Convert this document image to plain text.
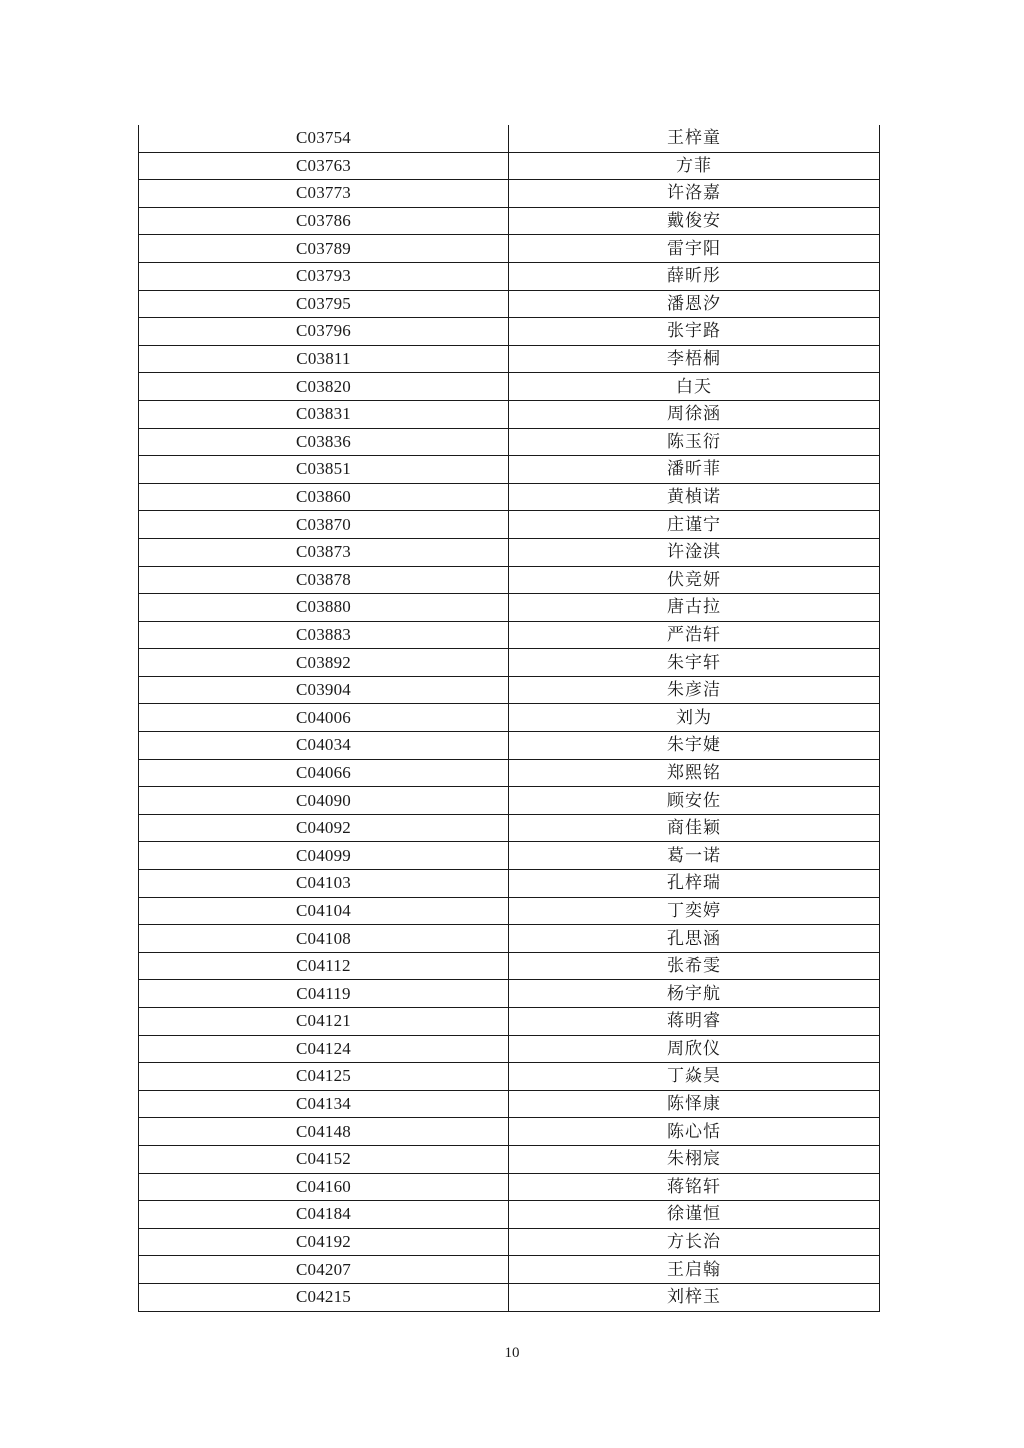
C03754	王梓童
C03763	方菲
C03773	许洛嘉
C03786	戴俊安
C03789	雷宇阳
C03793	薛昕彤
C03795	潘恩汐
C03796	张宇路
C03811	李梧桐
C03820	白天
C03831	周徐涵
C03836	陈玉衍
C03851	潘昕菲
C03860	黄楨诺
C03870	庄谨宁
C03873	许淦淇
C03878	伏竞妍
C03880	唐古拉
C03883	严浩轩
C03892	朱宇轩
C03904	朱彦洁
C04006	刘为
C04034	朱宇婕
C04066	郑熙铭
C04090	顾安佐
C04092	商佳颖
C04099	葛一诺
C04103	孔梓瑞
C04104	丁奕婷
C04108	孔思涵
C04112	张希雯
C04119	杨宇航
C04121	蒋明睿
C04124	周欣仪
C04125	丁焱昊
C04134	陈怿康
C04148	陈心恬
C04152	朱栩宸
C04160	蒋铭轩
C04184	徐谨恒
C04192	方长治
C04207	王启翰
C04215	刘梓玉
10
